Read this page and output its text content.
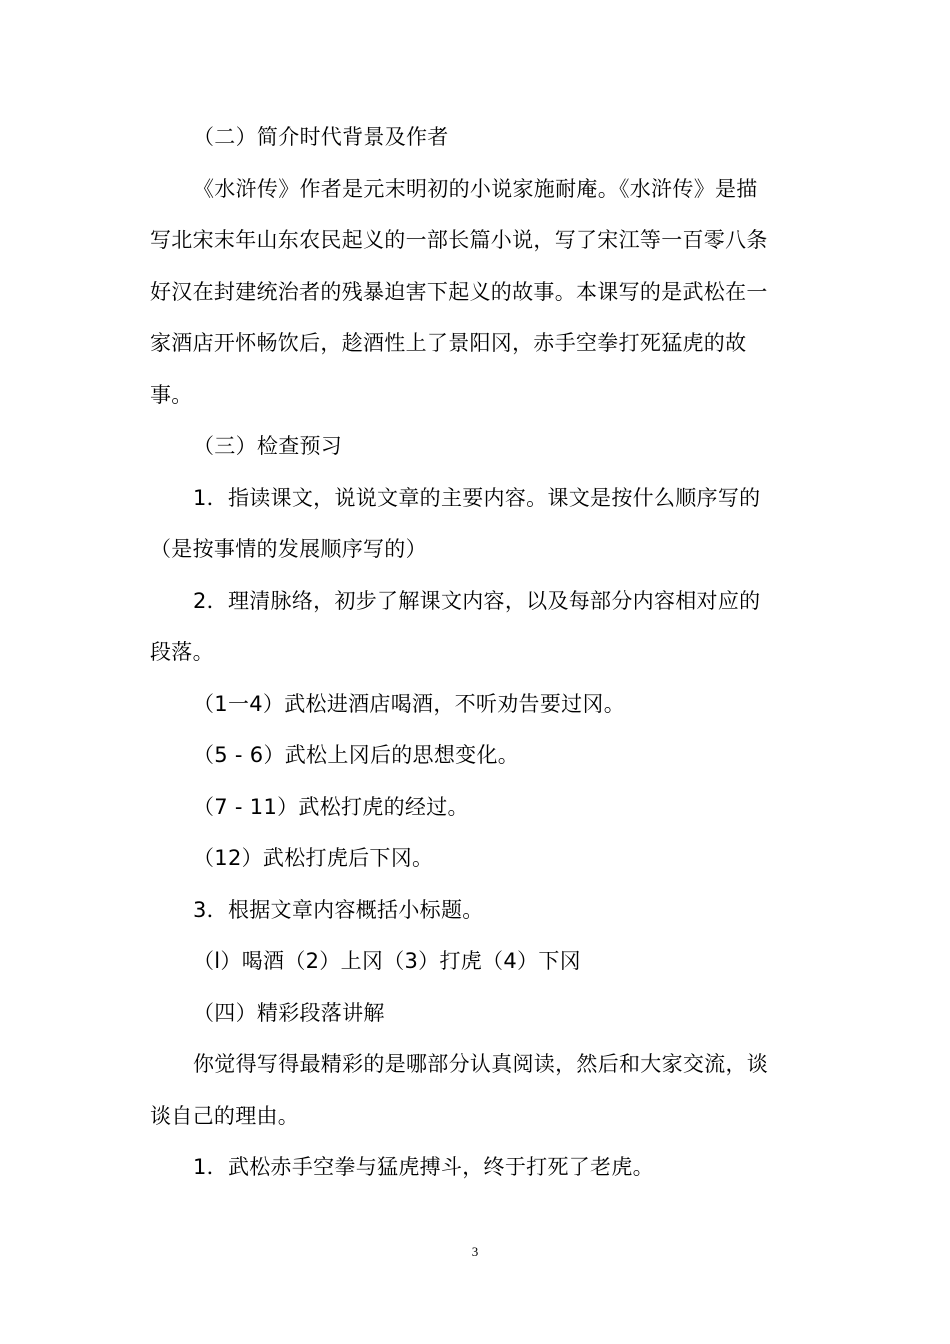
（二）简介时代背景及作者
《水浒传》作者是元末明初的小说家施耐庵。《水浒传》是描
写北宋末年山东农民起义的一部长篇小说，写了宋江等一百零八条
好汉在封建统治者的残暴迫害下起义的故事。本课写的是武松在一
家酒店开怀畅饮后，趁酒性上了景阳冈，赤手空拳打死猛虎的故
事。
（三）检查预习
1．指读课文，说说文章的主要内容。课文是按什么顺序写的
（是按事情的发展顺序写的）
2．理清脉络，初步了解课文内容，以及每部分内容相对应的
段落。
（1一4）武松进酒店喝酒，不听劝告要过冈。
（5 - 6）武松上冈后的思想变化。
（7 - 11）武松打虎的经过。
（12）武松打虎后下冈。
3．根据文章内容概括小标题。
（l）喝酒（2）上冈（3）打虎（4）下冈
（四）精彩段落讲解
你觉得写得最精彩的是哪部分认真阅读，然后和大家交流，谈
谈自己的理由。
1．武松赤手空拳与猛虎搏斗，终于打死了老虎。
3
